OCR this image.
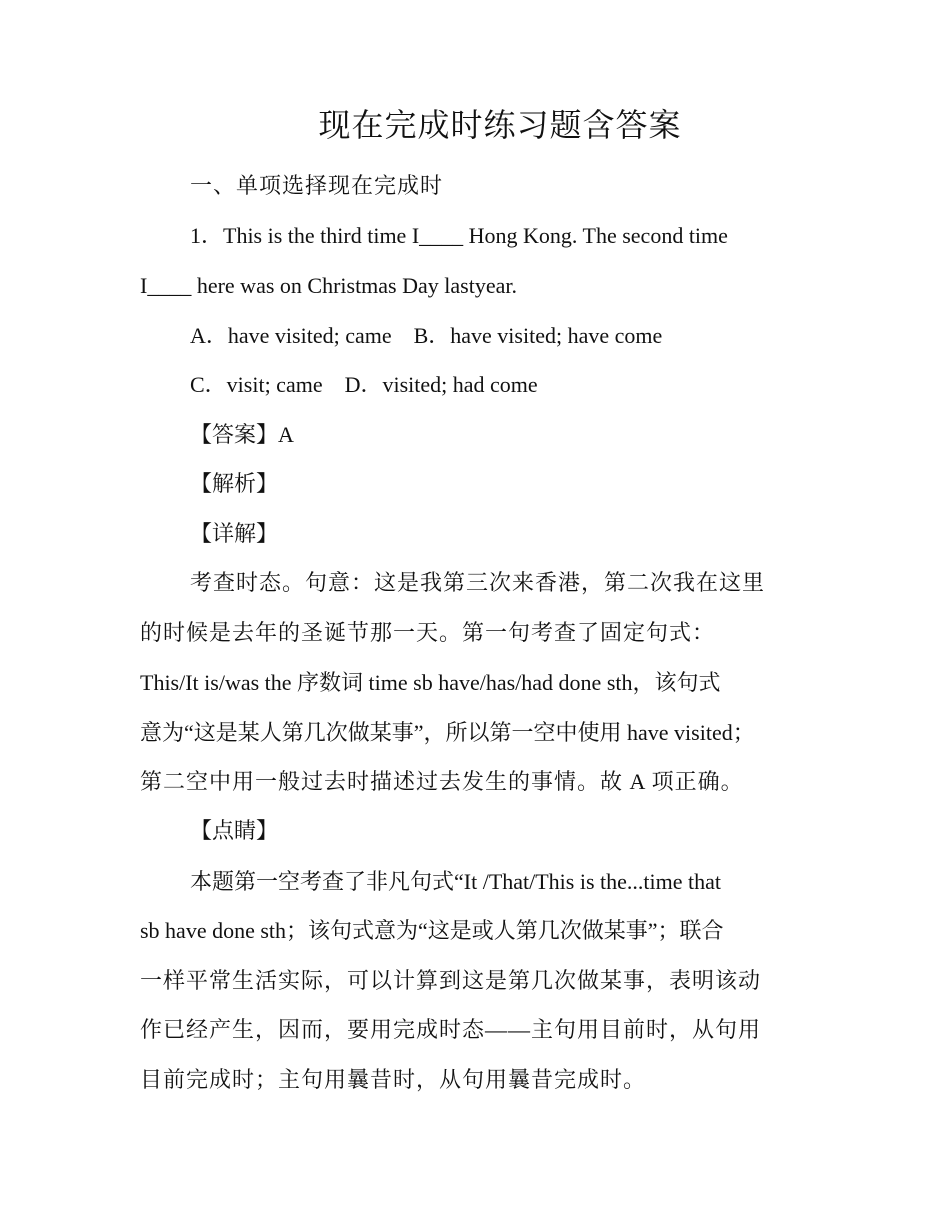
现在完成时练习题含答案
一、单项选择现在完成时
1．This is the third time I____ Hong Kong. The second time
I____ here was on Christmas Day lastyear.
A．have visited; came　B．have visited; have come
C．visit; came　D．visited; had come
【答案】A
【解析】
【详解】
考查时态。句意：这是我第三次来香港，第二次我在这里
的时候是去年的圣诞节那一天。第一句考查了固定句式：
This/It is/was the 序数词 time sb have/has/had done sth，该句式
意为“这是某人第几次做某事”，所以第一空中使用 have visited；
第二空中用一般过去时描述过去发生的事情。故 A 项正确。
【点睛】
本题第一空考查了非凡句式“It /That/This is the...time that
sb have done sth；该句式意为“这是或人第几次做某事”；联合
一样平常生活实际，可以计算到这是第几次做某事，表明该动
作已经产生，因而，要用完成时态——主句用目前时，从句用
目前完成时；主句用曩昔时，从句用曩昔完成时。
